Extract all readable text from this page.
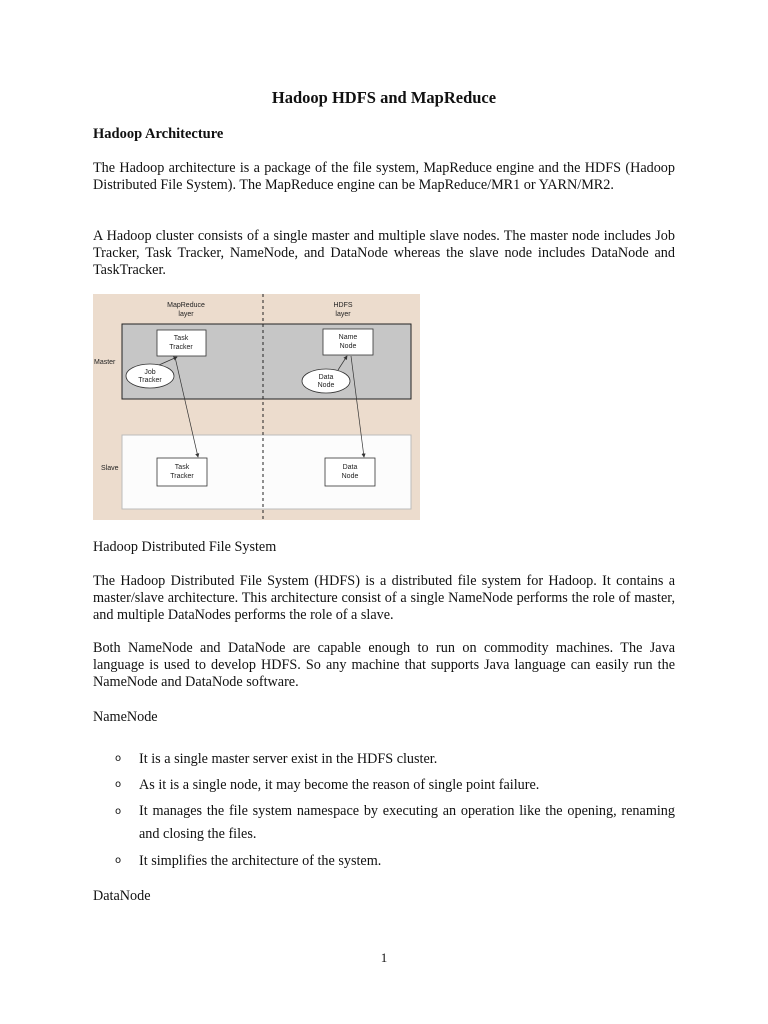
Hadoop HDFS and MapReduce
Hadoop Architecture

The Hadoop architecture is a package of the file system, MapReduce engine and the HDFS (Hadoop Distributed File System). The MapReduce engine can be MapReduce/MR1 or YARN/MR2.

A Hadoop cluster consists of a single master and multiple slave nodes. The master node includes Job Tracker, Task Tracker, NameNode, and DataNode whereas the slave node includes DataNode and TaskTracker.

MapReduce layer
HDFS layer
Master
Slave
Task Tracker
Job Tracker
Name Node
Data Node
Task Tracker
Data Node
Hadoop Distributed File System

The Hadoop Distributed File System (HDFS) is a distributed file system for Hadoop. It contains a master/slave architecture. This architecture consist of a single NameNode performs the role of master, and multiple DataNodes performs the role of a slave.

Both NameNode and DataNode are capable enough to run on commodity machines. The Java language is used to develop HDFS. So any machine that supports Java language can easily run the NameNode and DataNode software.

NameNode
o It is a single master server exist in the HDFS cluster.
o As it is a single node, it may become the reason of single point failure.
o It manages the file system namespace by executing an operation like the opening, renaming and closing the files.
o It simplifies the architecture of the system.
DataNode
1
